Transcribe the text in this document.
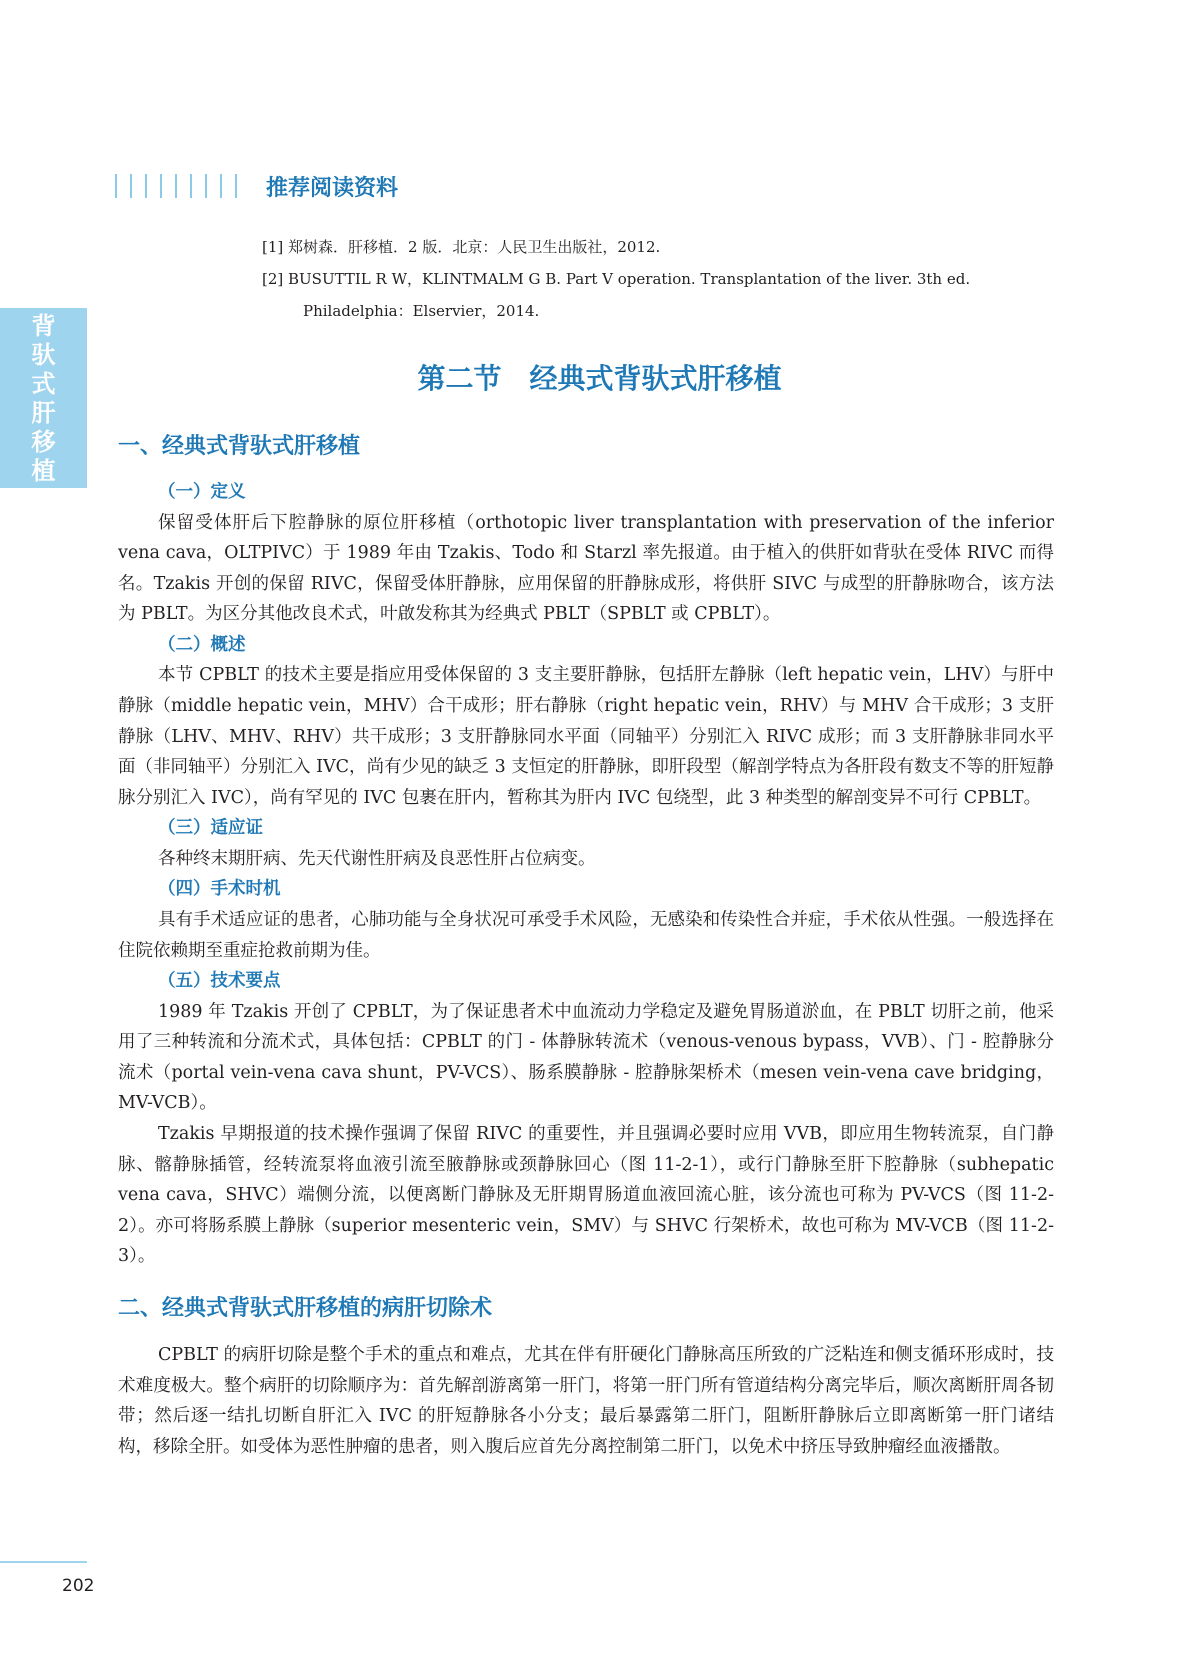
背
驮
式
肝
移
植
推荐阅读资料
[1] 郑树森．肝移植．2 版．北京：人民卫生出版社，2012.
[2] BUSUTTIL R W，KLINTMALM G B. Part V operation. Transplantation of the liver. 3th ed.
Philadelphia：Elservier，2014.
第二节　经典式背驮式肝移植
一、经典式背驮式肝移植
（一）定义

保留受体肝后下腔静脉的原位肝移植（orthotopic liver transplantation with preservation of the inferior vena cava，OLTPIVC）于 1989 年由 Tzakis、Todo 和 Starzl 率先报道。由于植入的供肝如背驮在受体 RIVC 而得名。Tzakis 开创的保留 RIVC，保留受体肝静脉，应用保留的肝静脉成形，将供肝 SIVC 与成型的肝静脉吻合，该方法为 PBLT。为区分其他改良术式，叶啟发称其为经典式 PBLT（SPBLT 或 CPBLT）。

（二）概述

本节 CPBLT 的技术主要是指应用受体保留的 3 支主要肝静脉，包括肝左静脉（left hepatic vein，LHV）与肝中静脉（middle hepatic vein，MHV）合干成形；肝右静脉（right hepatic vein，RHV）与 MHV 合干成形；3 支肝静脉（LHV、MHV、RHV）共干成形；3 支肝静脉同水平面（同轴平）分别汇入 RIVC 成形；而 3 支肝静脉非同水平面（非同轴平）分别汇入 IVC，尚有少见的缺乏 3 支恒定的肝静脉，即肝段型（解剖学特点为各肝段有数支不等的肝短静脉分别汇入 IVC），尚有罕见的 IVC 包裹在肝内，暂称其为肝内 IVC 包绕型，此 3 种类型的解剖变异不可行 CPBLT。

（三）适应证

各种终末期肝病、先天代谢性肝病及良恶性肝占位病变。

（四）手术时机

具有手术适应证的患者，心肺功能与全身状况可承受手术风险，无感染和传染性合并症，手术依从性强。一般选择在住院依赖期至重症抢救前期为佳。

（五）技术要点

1989 年 Tzakis 开创了 CPBLT，为了保证患者术中血流动力学稳定及避免胃肠道淤血，在 PBLT 切肝之前，他采用了三种转流和分流术式，具体包括：CPBLT 的门 - 体静脉转流术（venous-venous bypass，VVB）、门 - 腔静脉分流术（portal vein-vena cava shunt，PV-VCS）、肠系膜静脉 - 腔静脉架桥术（mesen vein-vena cave bridging，MV-VCB）。

Tzakis 早期报道的技术操作强调了保留 RIVC 的重要性，并且强调必要时应用 VVB，即应用生物转流泵，自门静脉、髂静脉插管，经转流泵将血液引流至腋静脉或颈静脉回心（图 11-2-1），或行门静脉至肝下腔静脉（subhepatic vena cava，SHVC）端侧分流，以便离断门静脉及无肝期胃肠道血液回流心脏，该分流也可称为 PV-VCS（图 11-2-2）。亦可将肠系膜上静脉（superior mesenteric vein，SMV）与 SHVC 行架桥术，故也可称为 MV-VCB（图 11-2-3）。

二、经典式背驮式肝移植的病肝切除术

CPBLT 的病肝切除是整个手术的重点和难点，尤其在伴有肝硬化门静脉高压所致的广泛粘连和侧支循环形成时，技术难度极大。整个病肝的切除顺序为：首先解剖游离第一肝门，将第一肝门所有管道结构分离完毕后，顺次离断肝周各韧带；然后逐一结扎切断自肝汇入 IVC 的肝短静脉各小分支；最后暴露第二肝门，阻断肝静脉后立即离断第一肝门诸结构，移除全肝。如受体为恶性肿瘤的患者，则入腹后应首先分离控制第二肝门，以免术中挤压导致肿瘤经血液播散。

202
